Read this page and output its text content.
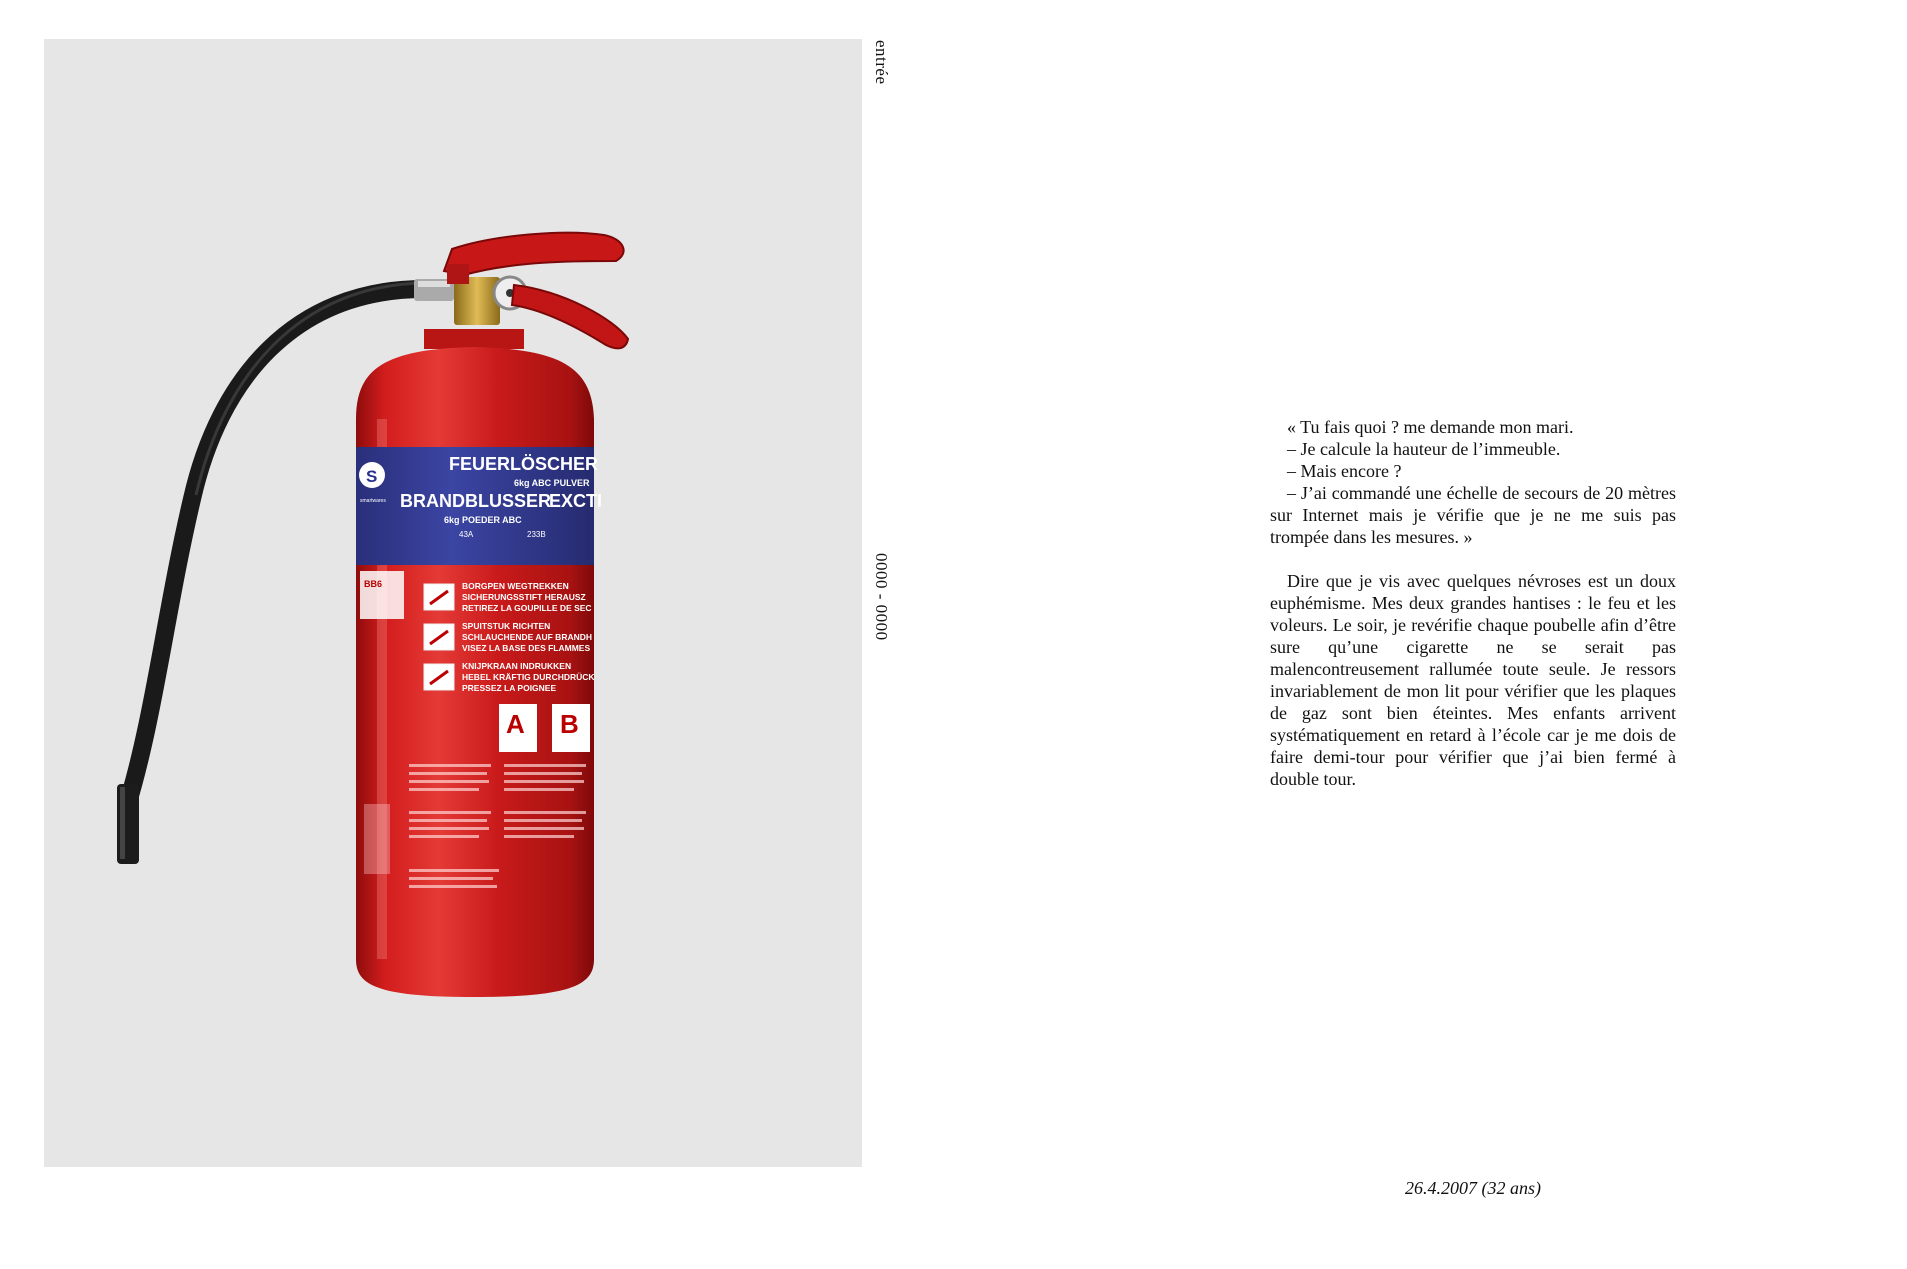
S
smartwares
FEUERLÖSCHER
6kg ABC PULVER
BRANDBLUSSER
EXCTI
6kg POEDER ABC
43A	233B
BB6	BORGPEN WEGTREKKEN
SICHERUNGSSTIFT HERAUSZ
RETIREZ LA GOUPILLE DE SEC
SPUITSTUK RICHTEN
SCHLAUCHENDE AUF BRANDH
VISEZ LA BASE DES FLAMMES
KNIJPKRAAN INDRUKKEN
HEBEL KRÄFTIG DURCHDRÜCK
PRESSEZ LA POIGNEE
A B
entrée
0000 - 0000

« Tu fais quoi ? me demande mon mari.

– Je calcule la hauteur de l’immeuble.

– Mais encore ?

– J’ai commandé une échelle de secours de 20 mètres sur Internet mais je vérifie que je ne me suis pas trompée dans les mesures. »

Dire que je vis avec quelques névroses est un doux euphémisme. Mes deux grandes hantises : le feu et les voleurs. Le soir, je revérifie chaque poubelle afin d’être sure qu’une cigarette ne se serait pas malencontreusement rallumée toute seule. Je ressors invariablement de mon lit pour vérifier que les plaques de gaz sont bien éteintes. Mes enfants arrivent systématiquement en retard à l’école car je me dois de faire demi-tour pour vérifier que j’ai bien fermé à double tour.

26.4.2007 (32 ans)
